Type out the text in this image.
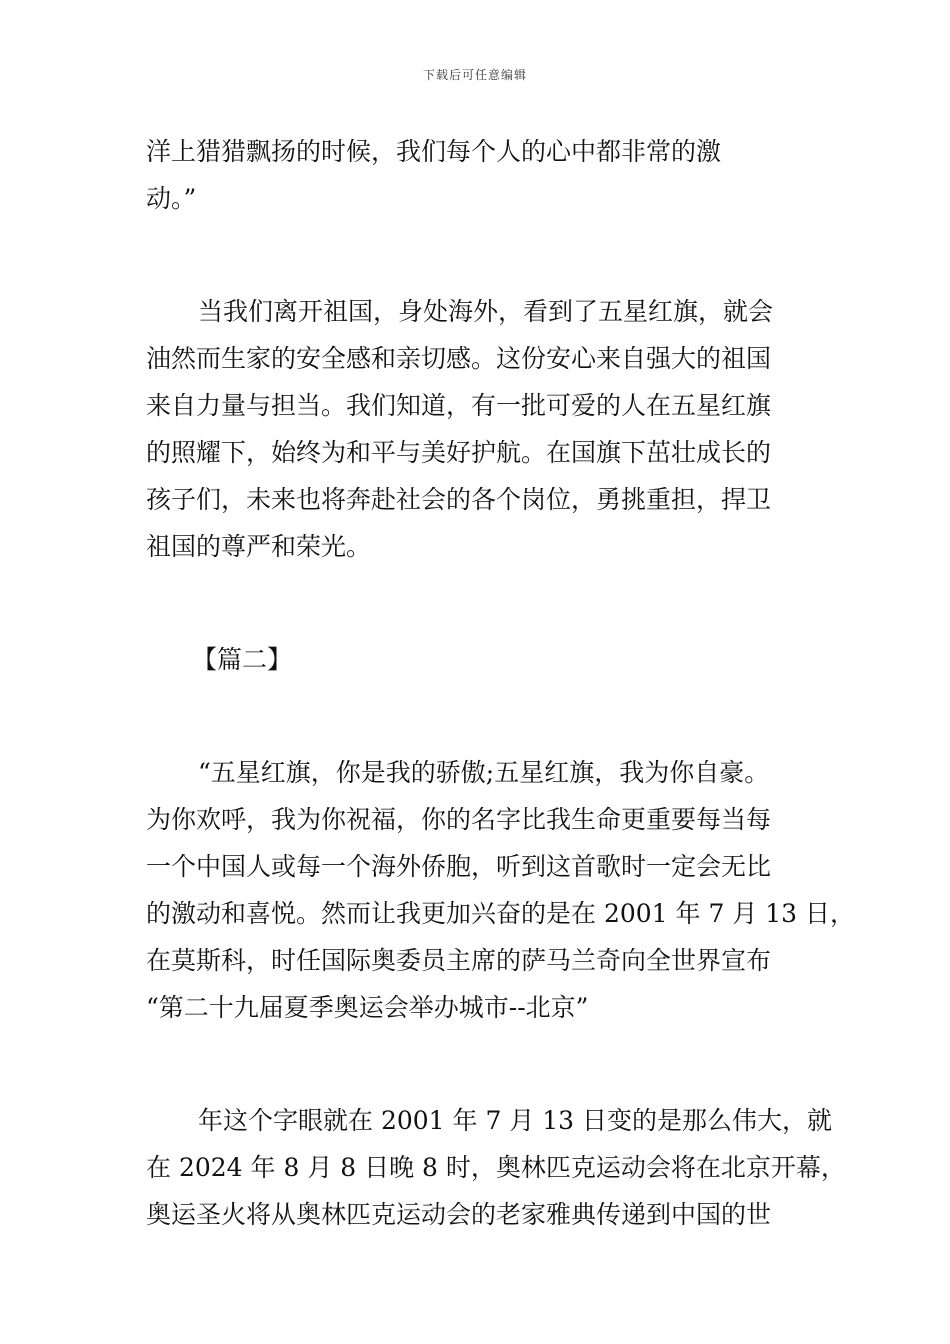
下载后可任意编辑

洋上猎猎飘扬的时候，我们每个人的心中都非常的激
动。”

当我们离开祖国，身处海外，看到了五星红旗，就会
油然而生家的安全感和亲切感。这份安心来自强大的祖国
来自力量与担当。我们知道，有一批可爱的人在五星红旗
的照耀下，始终为和平与美好护航。在国旗下茁壮成长的
孩子们，未来也将奔赴社会的各个岗位，勇挑重担，捍卫
祖国的尊严和荣光。

【篇二】

“五星红旗，你是我的骄傲;五星红旗，我为你自豪。
为你欢呼，我为你祝福，你的名字比我生命更重要每当每
一个中国人或每一个海外侨胞，听到这首歌时一定会无比
的激动和喜悦。然而让我更加兴奋的是在 2001 年 7 月 13 日，
在莫斯科，时任国际奥委员主席的萨马兰奇向全世界宣布
“第二十九届夏季奥运会举办城市--北京”

年这个字眼就在 2001 年 7 月 13 日变的是那么伟大，就
在 2024 年 8 月 8 日晚 8 时，奥林匹克运动会将在北京开幕，
奥运圣火将从奥林匹克运动会的老家雅典传递到中国的世
